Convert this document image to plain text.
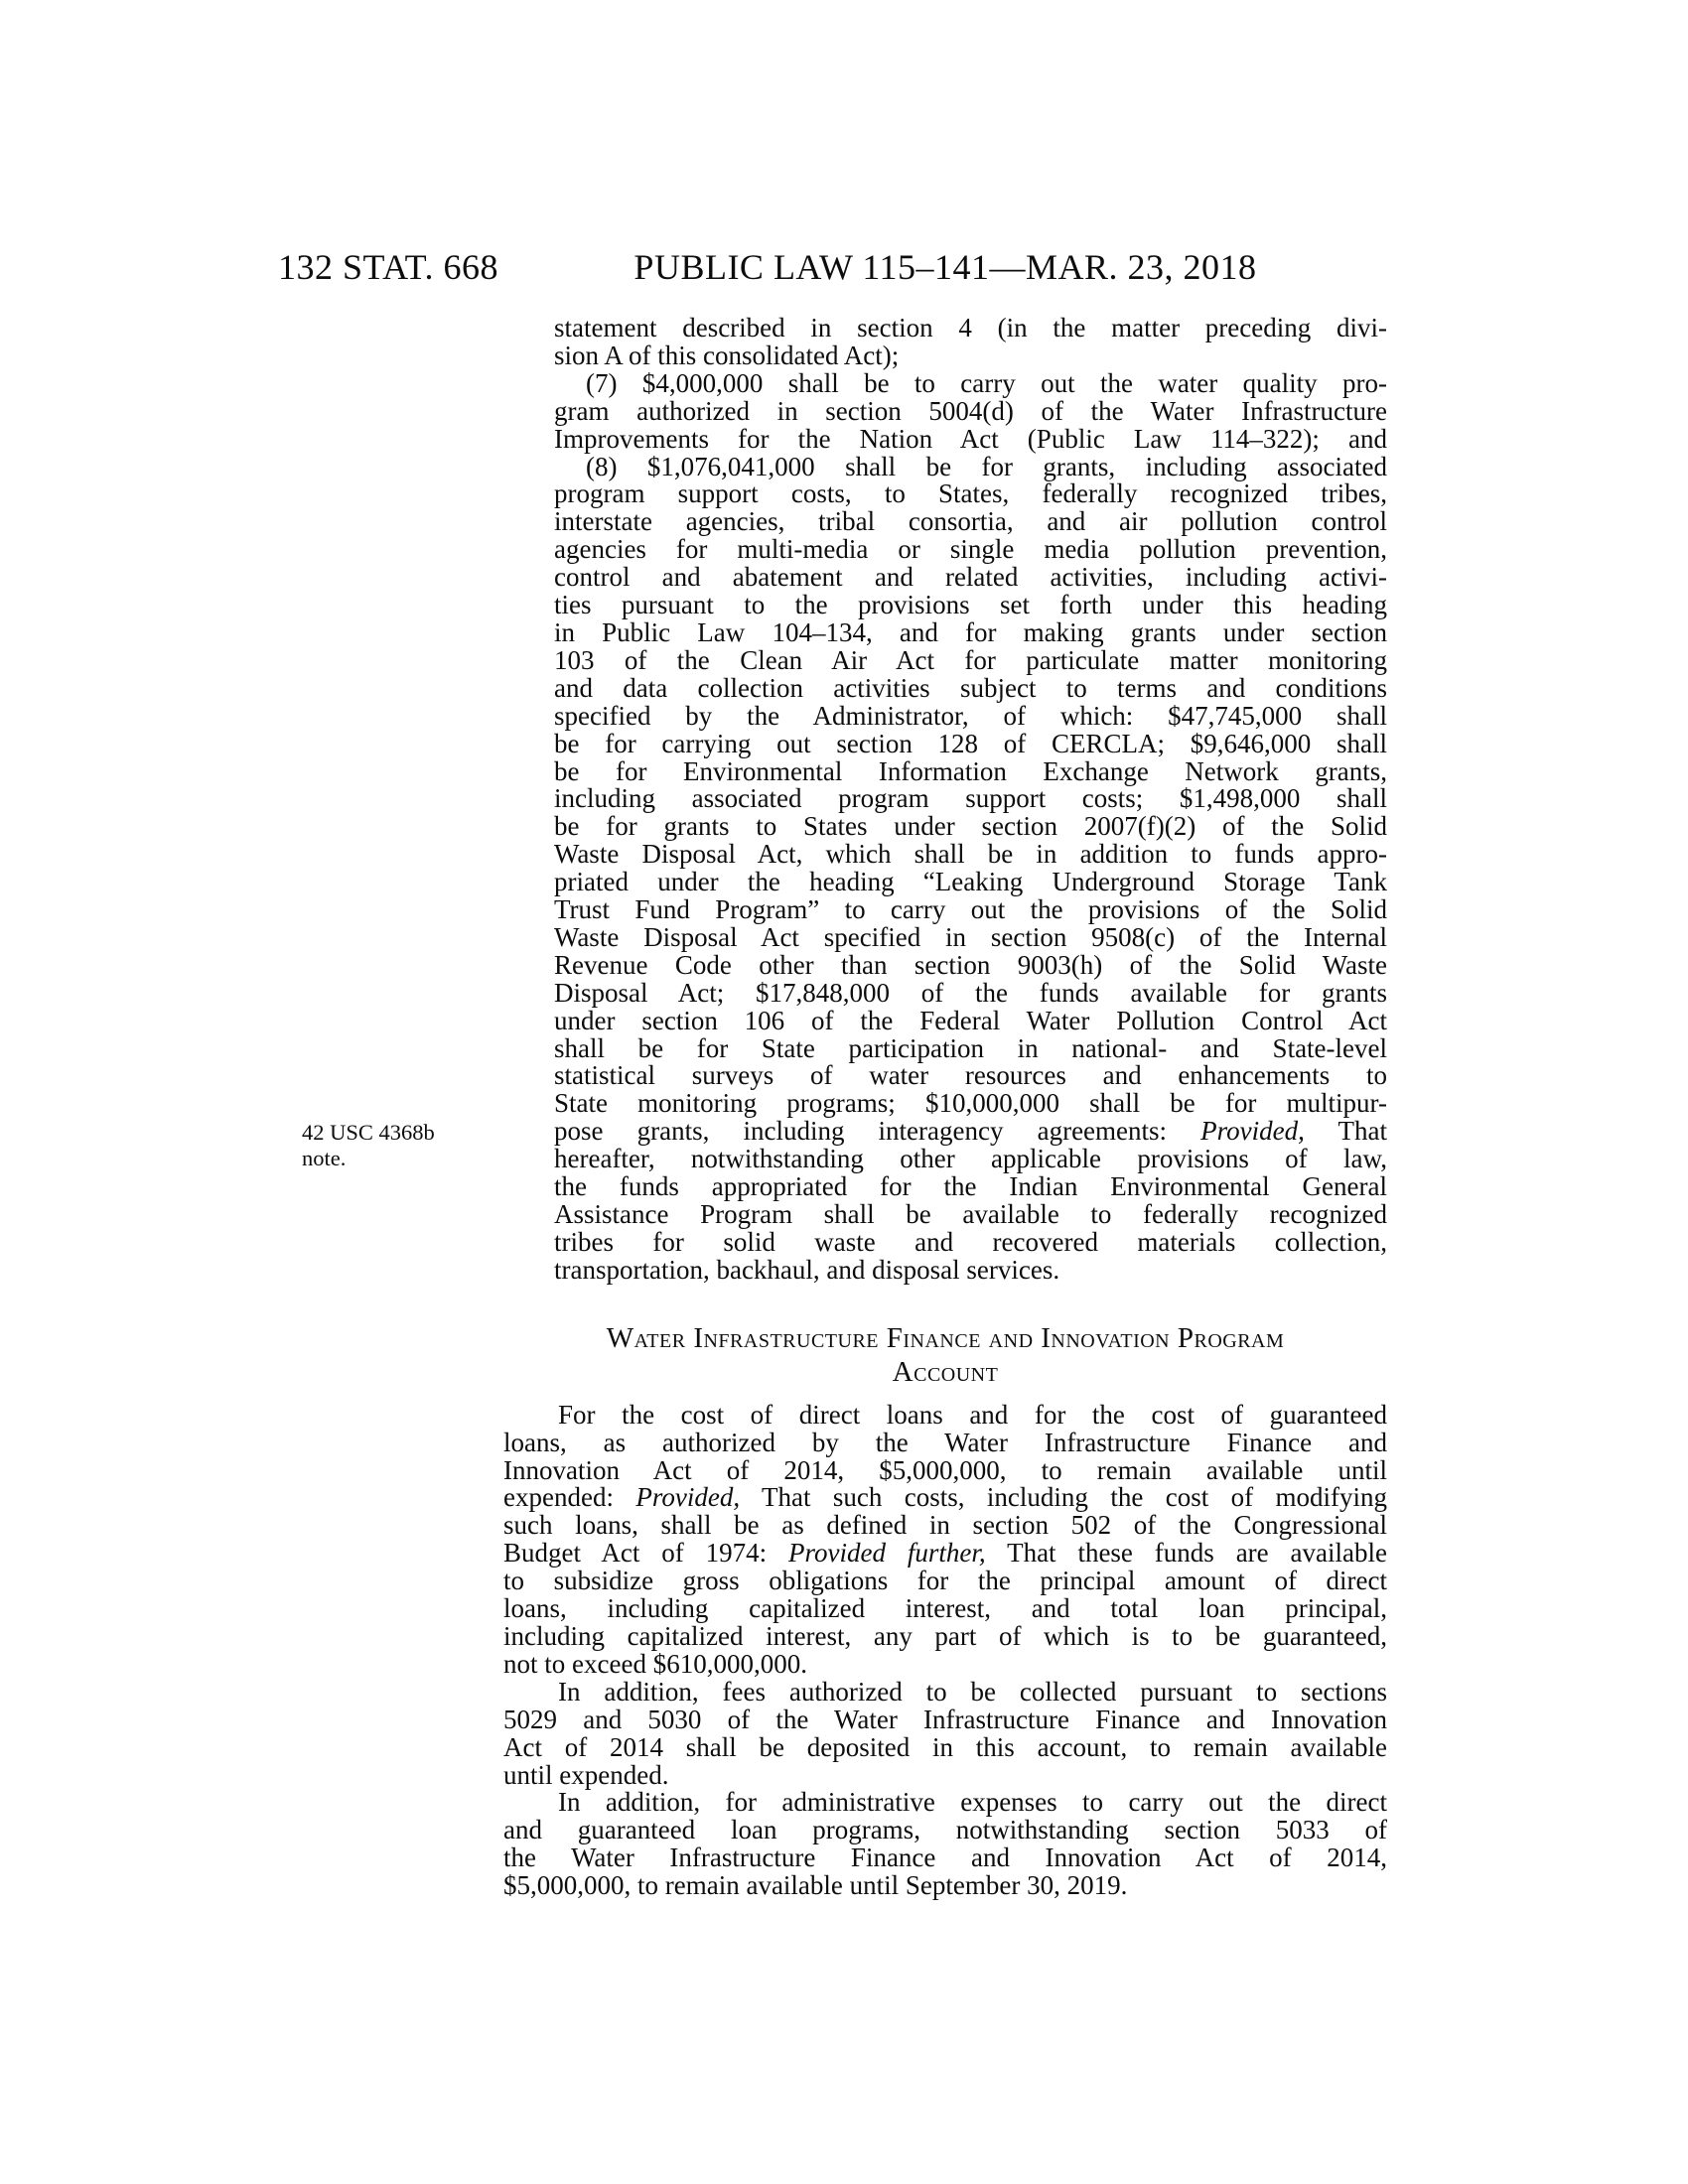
132 STAT. 668	PUBLIC LAW 115–141—MAR. 23, 2018
42 USC 4368b
note.
statement described in section 4 (in the matter preceding divi-
sion A of this consolidated Act);
(7) $4,000,000 shall be to carry out the water quality pro-
gram authorized in section 5004(d) of the Water Infrastructure
Improvements for the Nation Act (Public Law 114–322); and
(8) $1,076,041,000 shall be for grants, including associated
program support costs, to States, federally recognized tribes,
interstate agencies, tribal consortia, and air pollution control
agencies for multi-media or single media pollution prevention,
control and abatement and related activities, including activi-
ties pursuant to the provisions set forth under this heading
in Public Law 104–134, and for making grants under section
103 of the Clean Air Act for particulate matter monitoring
and data collection activities subject to terms and conditions
specified by the Administrator, of which: $47,745,000 shall
be for carrying out section 128 of CERCLA; $9,646,000 shall
be for Environmental Information Exchange Network grants,
including associated program support costs; $1,498,000 shall
be for grants to States under section 2007(f)(2) of the Solid
Waste Disposal Act, which shall be in addition to funds appro-
priated under the heading “Leaking Underground Storage Tank
Trust Fund Program” to carry out the provisions of the Solid
Waste Disposal Act specified in section 9508(c) of the Internal
Revenue Code other than section 9003(h) of the Solid Waste
Disposal Act; $17,848,000 of the funds available for grants
under section 106 of the Federal Water Pollution Control Act
shall be for State participation in national- and State-level
statistical surveys of water resources and enhancements to
State monitoring programs; $10,000,000 shall be for multipur-
pose grants, including interagency agreements: Provided, That
hereafter, notwithstanding other applicable provisions of law,
the funds appropriated for the Indian Environmental General
Assistance Program shall be available to federally recognized
tribes for solid waste and recovered materials collection,
transportation, backhaul, and disposal services.
Water Infrastructure Finance and Innovation Program
Account
For the cost of direct loans and for the cost of guaranteed
loans, as authorized by the Water Infrastructure Finance and
Innovation Act of 2014, $5,000,000, to remain available until
expended: Provided, That such costs, including the cost of modifying
such loans, shall be as defined in section 502 of the Congressional
Budget Act of 1974: Provided further, That these funds are available
to subsidize gross obligations for the principal amount of direct
loans, including capitalized interest, and total loan principal,
including capitalized interest, any part of which is to be guaranteed,
not to exceed $610,000,000.
In addition, fees authorized to be collected pursuant to sections
5029 and 5030 of the Water Infrastructure Finance and Innovation
Act of 2014 shall be deposited in this account, to remain available
until expended.
In addition, for administrative expenses to carry out the direct
and guaranteed loan programs, notwithstanding section 5033 of
the Water Infrastructure Finance and Innovation Act of 2014,
$5,000,000, to remain available until September 30, 2019.
